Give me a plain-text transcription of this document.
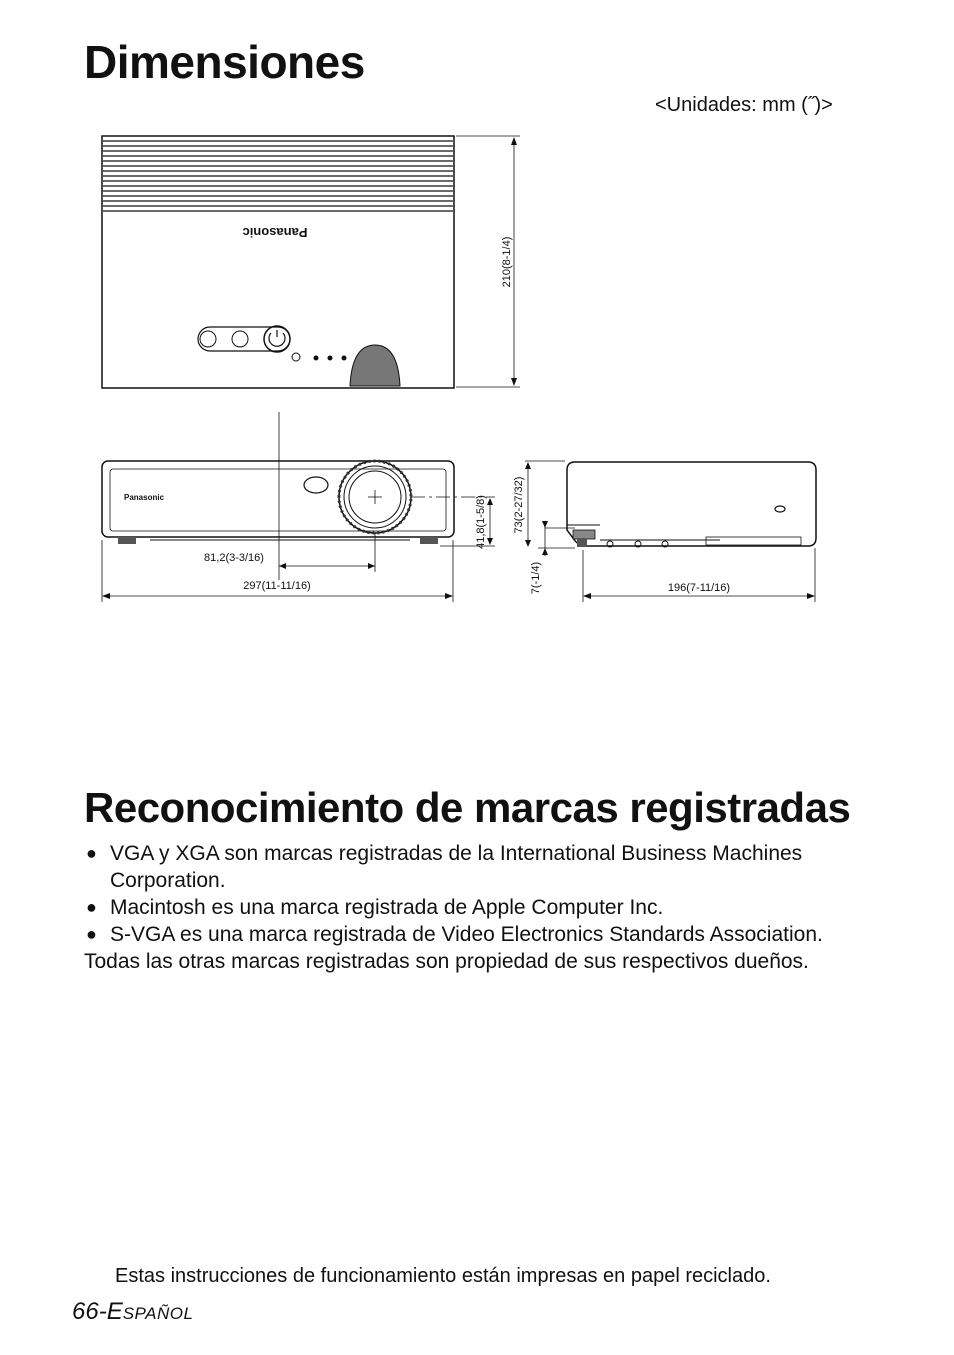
Dimensiones
<Unidades: mm (˝)>
Panasonic
210(8-1/4)
Panasonic
81,2(3-3/16)
297(11-11/16)
41,8(1-5/8) 73(2-27/32)
7(-1/4)	196(7-11/16)
Reconocimiento de marcas registradas
● VGA y XGA son marcas registradas de la International Business Machines Corporation.
● Macintosh es una marca registrada de Apple Computer Inc.
● S-VGA es una marca registrada de Video Electronics Standards Association.
Todas las otras marcas registradas son propiedad de sus respectivos dueños.
Estas instrucciones de funcionamiento están impresas en papel reciclado.
66-ESPAÑOL
